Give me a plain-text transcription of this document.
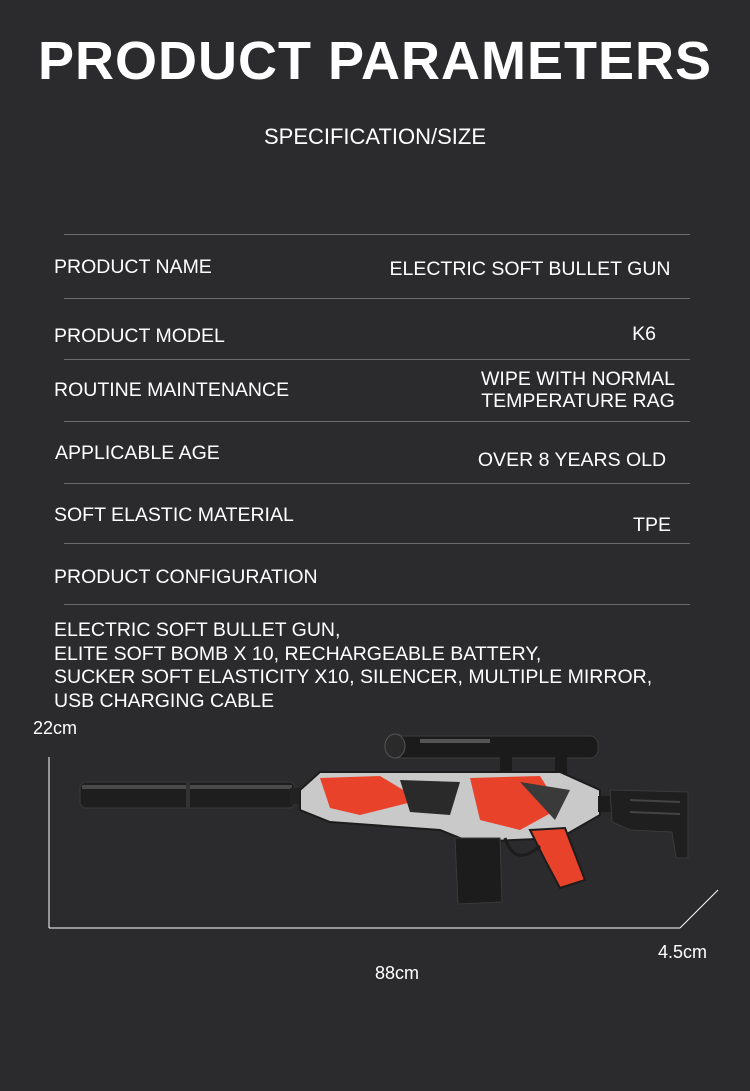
PRODUCT PARAMETERS
SPECIFICATION/SIZE
PRODUCT NAME	ELECTRIC SOFT BULLET GUN
PRODUCT MODEL	K6
ROUTINE MAINTENANCE	WIPE WITH NORMAL
TEMPERATURE RAG
APPLICABLE AGE	OVER 8 YEARS OLD
SOFT ELASTIC MATERIAL	TPE
PRODUCT CONFIGURATION
ELECTRIC SOFT BULLET GUN,
ELITE SOFT BOMB X 10, RECHARGEABLE BATTERY,
SUCKER SOFT ELASTICITY X10, SILENCER, MULTIPLE MIRROR,
USB CHARGING CABLE
22cm
88cm
4.5cm
